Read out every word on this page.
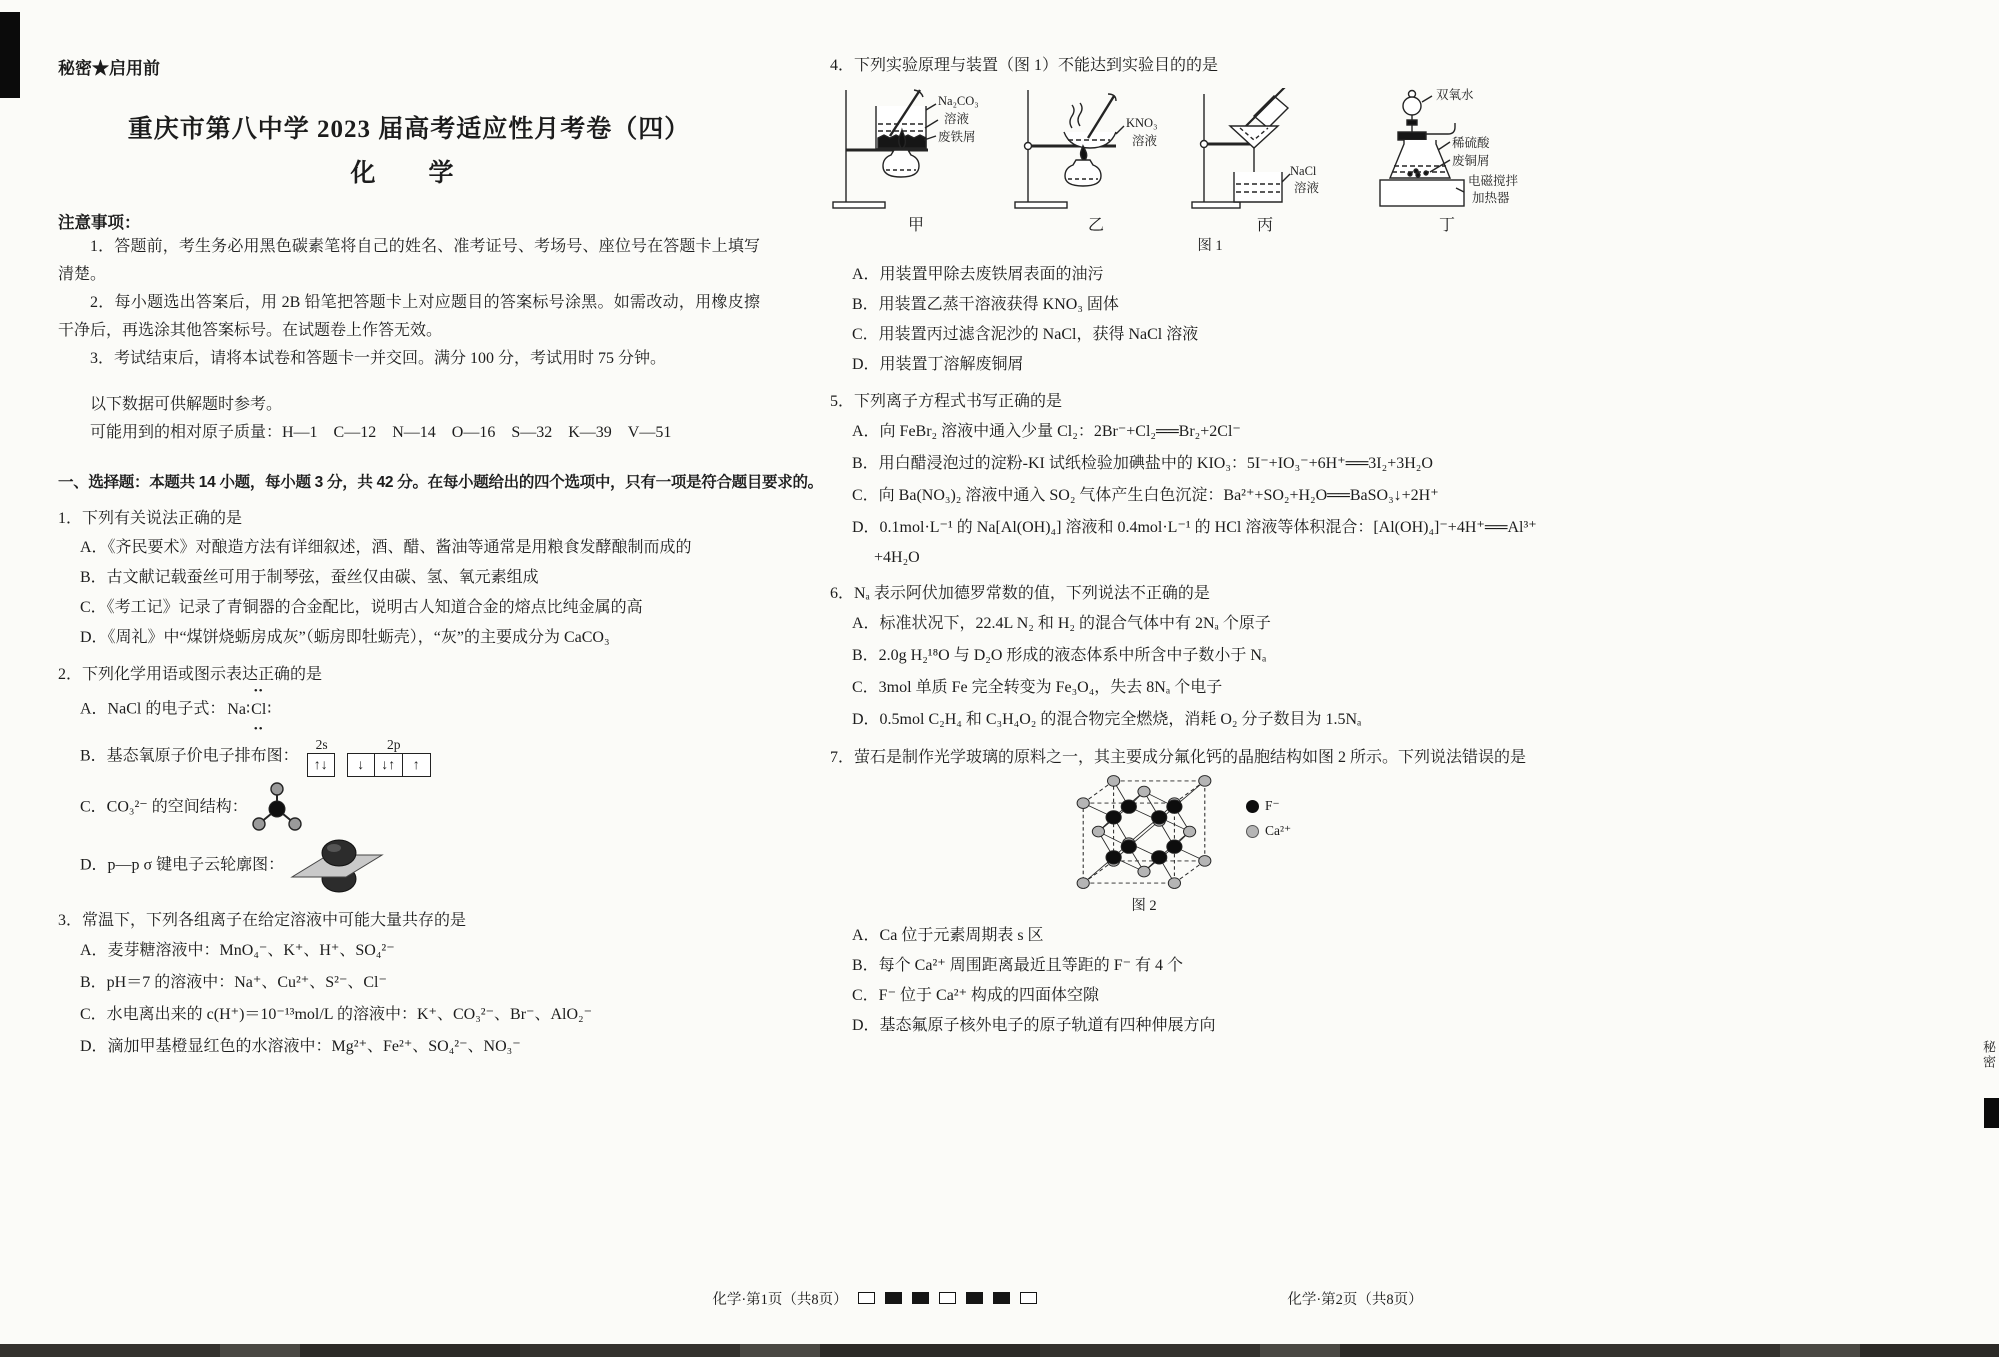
秘密★启用前
重庆市第八中学 2023 届高考适应性月考卷（四）
化　学
注意事项：
1．答题前，考生务必用黑色碳素笔将自己的姓名、准考证号、考场号、座位号在答题卡上填写清楚。
2．每小题选出答案后，用 2B 铅笔把答题卡上对应题目的答案标号涂黑。如需改动，用橡皮擦干净后，再选涂其他答案标号。在试题卷上作答无效。
3．考试结束后，请将本试卷和答题卡一并交回。满分 100 分，考试用时 75 分钟。
以下数据可供解题时参考。
可能用到的相对原子质量：H—1　C—12　N—14　O—16　S—32　K—39　V—51
一、选择题：本题共 14 小题，每小题 3 分，共 42 分。在每小题给出的四个选项中，只有一项是符合题目要求的。
1．下列有关说法正确的是
A．《齐民要术》对酿造方法有详细叙述，酒、醋、酱油等通常是用粮食发酵酿制而成的
B．古文献记载蚕丝可用于制琴弦，蚕丝仅由碳、氢、氧元素组成
C．《考工记》记录了青铜器的合金配比，说明古人知道合金的熔点比纯金属的高
D．《周礼》中“煤饼烧蛎房成灰”（蛎房即牡蛎壳），“灰”的主要成分为 CaCO₃
2．下列化学用语或图示表达正确的是
A．NaCl 的电子式： Na∶
••
Cl
••
∶
B．基态氧原子价电子排布图：
2s	2p
↑↓	↓	↓↑	↑
C．CO₃²⁻ 的空间结构：
D．p—p σ 键电子云轮廓图：
3．常温下，下列各组离子在给定溶液中可能大量共存的是
A．麦芽糖溶液中：MnO₄⁻、K⁺、H⁺、SO₄²⁻
B．pH＝7 的溶液中：Na⁺、Cu²⁺、S²⁻、Cl⁻
C．水电离出来的 c(H⁺)＝10⁻¹³mol/L 的溶液中：K⁺、CO₃²⁻、Br⁻、AlO₂⁻
D．滴加甲基橙显红色的水溶液中：Mg²⁺、Fe²⁺、SO₄²⁻、NO₃⁻
4．下列实验原理与装置（图 1）不能达到实验目的的是
Na₂CO₃
溶液
废铁屑
甲
KNO₃
溶液
乙
NaCl
溶液
丙
双氧水
稀硫酸
废铜屑
电磁搅拌
加热器
丁
图 1
A．用装置甲除去废铁屑表面的油污
B．用装置乙蒸干溶液获得 KNO₃ 固体
C．用装置丙过滤含泥沙的 NaCl，获得 NaCl 溶液
D．用装置丁溶解废铜屑
5．下列离子方程式书写正确的是
A．向 FeBr₂ 溶液中通入少量 Cl₂：2Br⁻+Cl₂══Br₂+2Cl⁻
B．用白醋浸泡过的淀粉-KI 试纸检验加碘盐中的 KIO₃：5I⁻+IO₃⁻+6H⁺══3I₂+3H₂O
C．向 Ba(NO₃)₂ 溶液中通入 SO₂ 气体产生白色沉淀：Ba²⁺+SO₂+H₂O══BaSO₃↓+2H⁺
D．0.1mol·L⁻¹ 的 Na[Al(OH)₄] 溶液和 0.4mol·L⁻¹ 的 HCl 溶液等体积混合：[Al(OH)₄]⁻+4H⁺══Al³⁺
+4H₂O
6．Nₐ 表示阿伏加德罗常数的值，下列说法不正确的是
A．标准状况下，22.4L N₂ 和 H₂ 的混合气体中有 2Nₐ 个原子
B．2.0g H₂¹⁸O 与 D₂O 形成的液态体系中所含中子数小于 Nₐ
C．3mol 单质 Fe 完全转变为 Fe₃O₄，失去 8Nₐ 个电子
D．0.5mol C₂H₄ 和 C₃H₄O₂ 的混合物完全燃烧，消耗 O₂ 分子数目为 1.5Nₐ
7．萤石是制作光学玻璃的原料之一，其主要成分氟化钙的晶胞结构如图 2 所示。下列说法错误的是
F⁻
Ca²⁺
图 2
A．Ca 位于元素周期表 s 区
B．每个 Ca²⁺ 周围距离最近且等距的 F⁻ 有 4 个
C．F⁻ 位于 Ca²⁺ 构成的四面体空隙
D．基态氟原子核外电子的原子轨道有四种伸展方向
化学·第1页（共8页）	化学·第2页（共8页）
秘密
